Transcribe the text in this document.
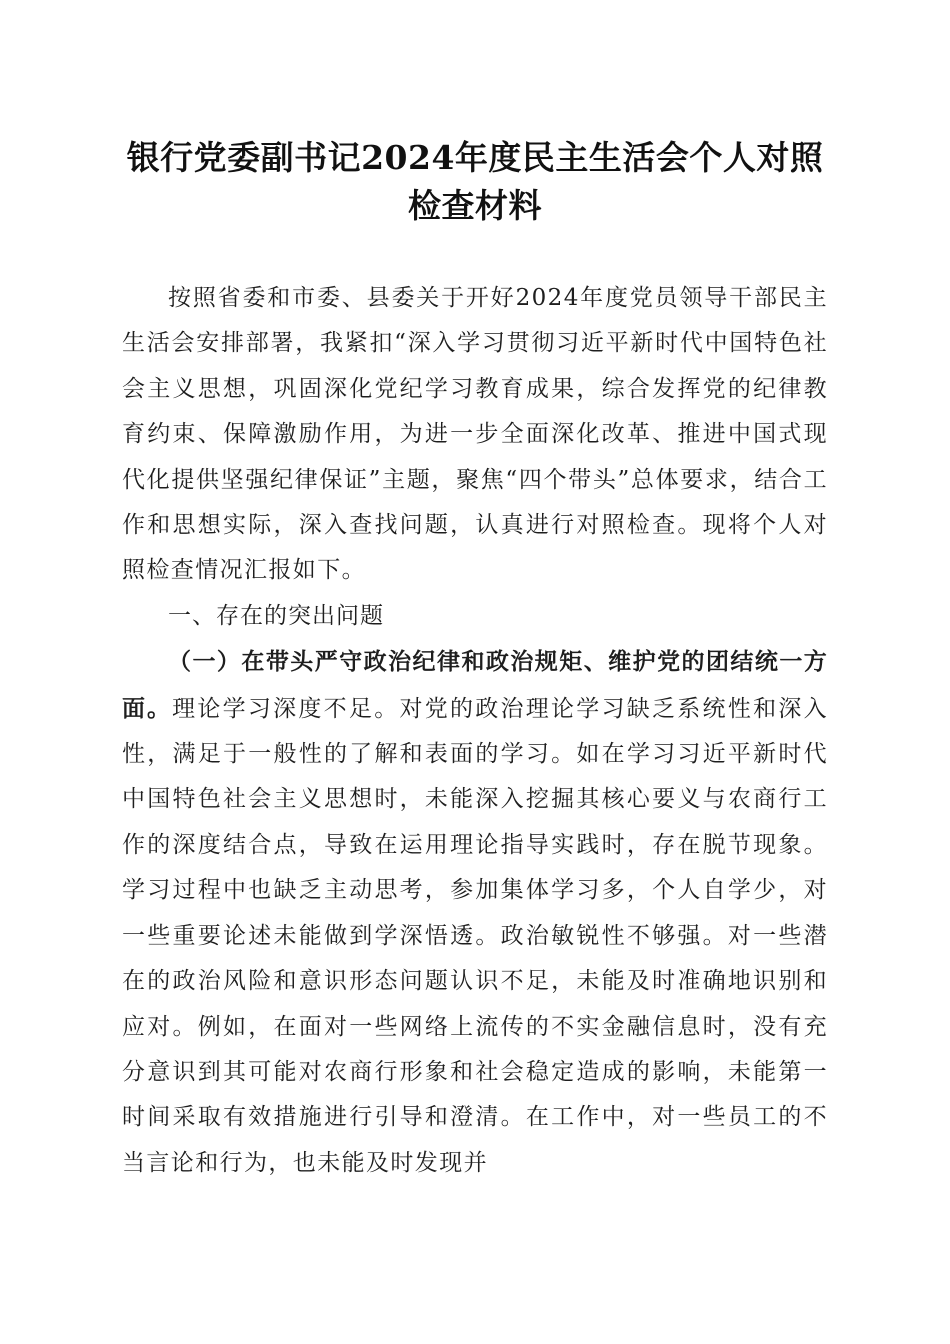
银行党委副书记2024年度民主生活会个人对照检查材料

按照省委和市委、县委关于开好2024年度党员领导干部民主生活会安排部署，我紧扣“深入学习贯彻习近平新时代中国特色社会主义思想，巩固深化党纪学习教育成果，综合发挥党的纪律教育约束、保障激励作用，为进一步全面深化改革、推进中国式现代化提供坚强纪律保证”主题，聚焦“四个带头”总体要求，结合工作和思想实际，深入查找问题，认真进行对照检查。现将个人对照检查情况汇报如下。

一、存在的突出问题

（一）在带头严守政治纪律和政治规矩、维护党的团结统一方面。理论学习深度不足。对党的政治理论学习缺乏系统性和深入性，满足于一般性的了解和表面的学习。如在学习习近平新时代中国特色社会主义思想时，未能深入挖掘其核心要义与农商行工作的深度结合点，导致在运用理论指导实践时，存在脱节现象。学习过程中也缺乏主动思考，参加集体学习多，个人自学少，对一些重要论述未能做到学深悟透。政治敏锐性不够强。对一些潜在的政治风险和意识形态问题认识不足，未能及时准确地识别和应对。例如，在面对一些网络上流传的不实金融信息时，没有充分意识到其可能对农商行形象和社会稳定造成的影响，未能第一时间采取有效措施进行引导和澄清。在工作中，对一些员工的不当言论和行为，也未能及时发现并
